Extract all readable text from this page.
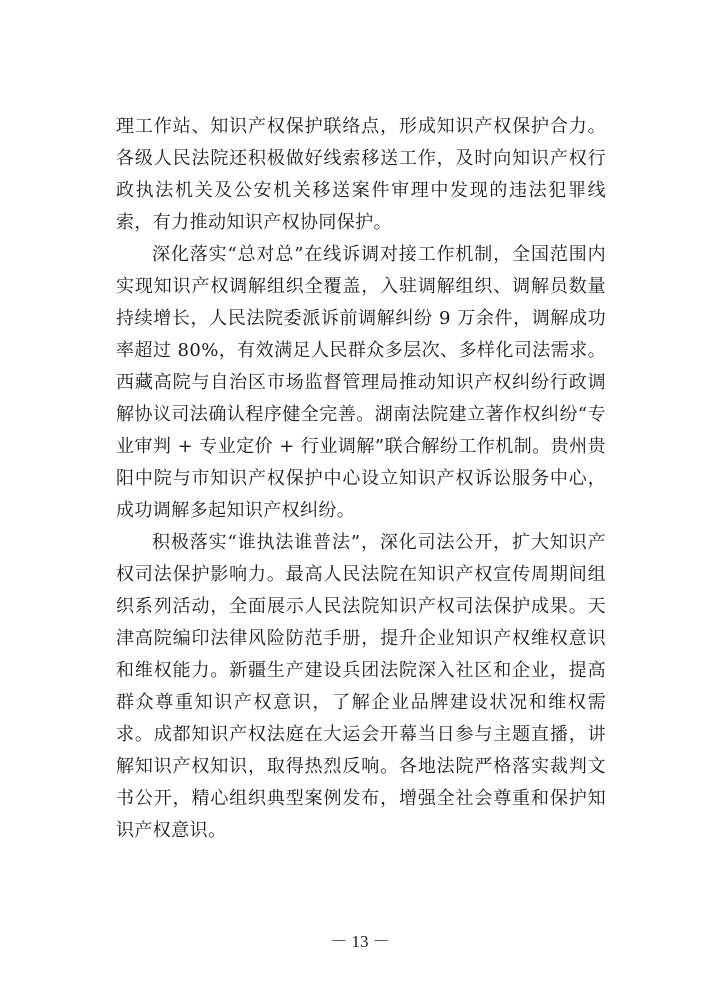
理工作站、知识产权保护联络点，形成知识产权保护合力。各级人民法院还积极做好线索移送工作，及时向知识产权行政执法机关及公安机关移送案件审理中发现的违法犯罪线索，有力推动知识产权协同保护。

深化落实“总对总”在线诉调对接工作机制，全国范围内实现知识产权调解组织全覆盖，入驻调解组织、调解员数量持续增长，人民法院委派诉前调解纠纷 9 万余件，调解成功率超过 80%，有效满足人民群众多层次、多样化司法需求。西藏高院与自治区市场监督管理局推动知识产权纠纷行政调解协议司法确认程序健全完善。湖南法院建立著作权纠纷“专业审判 + 专业定价 + 行业调解”联合解纷工作机制。贵州贵阳中院与市知识产权保护中心设立知识产权诉讼服务中心，成功调解多起知识产权纠纷。

积极落实“谁执法谁普法”，深化司法公开，扩大知识产权司法保护影响力。最高人民法院在知识产权宣传周期间组织系列活动，全面展示人民法院知识产权司法保护成果。天津高院编印法律风险防范手册，提升企业知识产权维权意识和维权能力。新疆生产建设兵团法院深入社区和企业，提高群众尊重知识产权意识，了解企业品牌建设状况和维权需求。成都知识产权法庭在大运会开幕当日参与主题直播，讲解知识产权知识，取得热烈反响。各地法院严格落实裁判文书公开，精心组织典型案例发布，增强全社会尊重和保护知识产权意识。

－ 13 －
